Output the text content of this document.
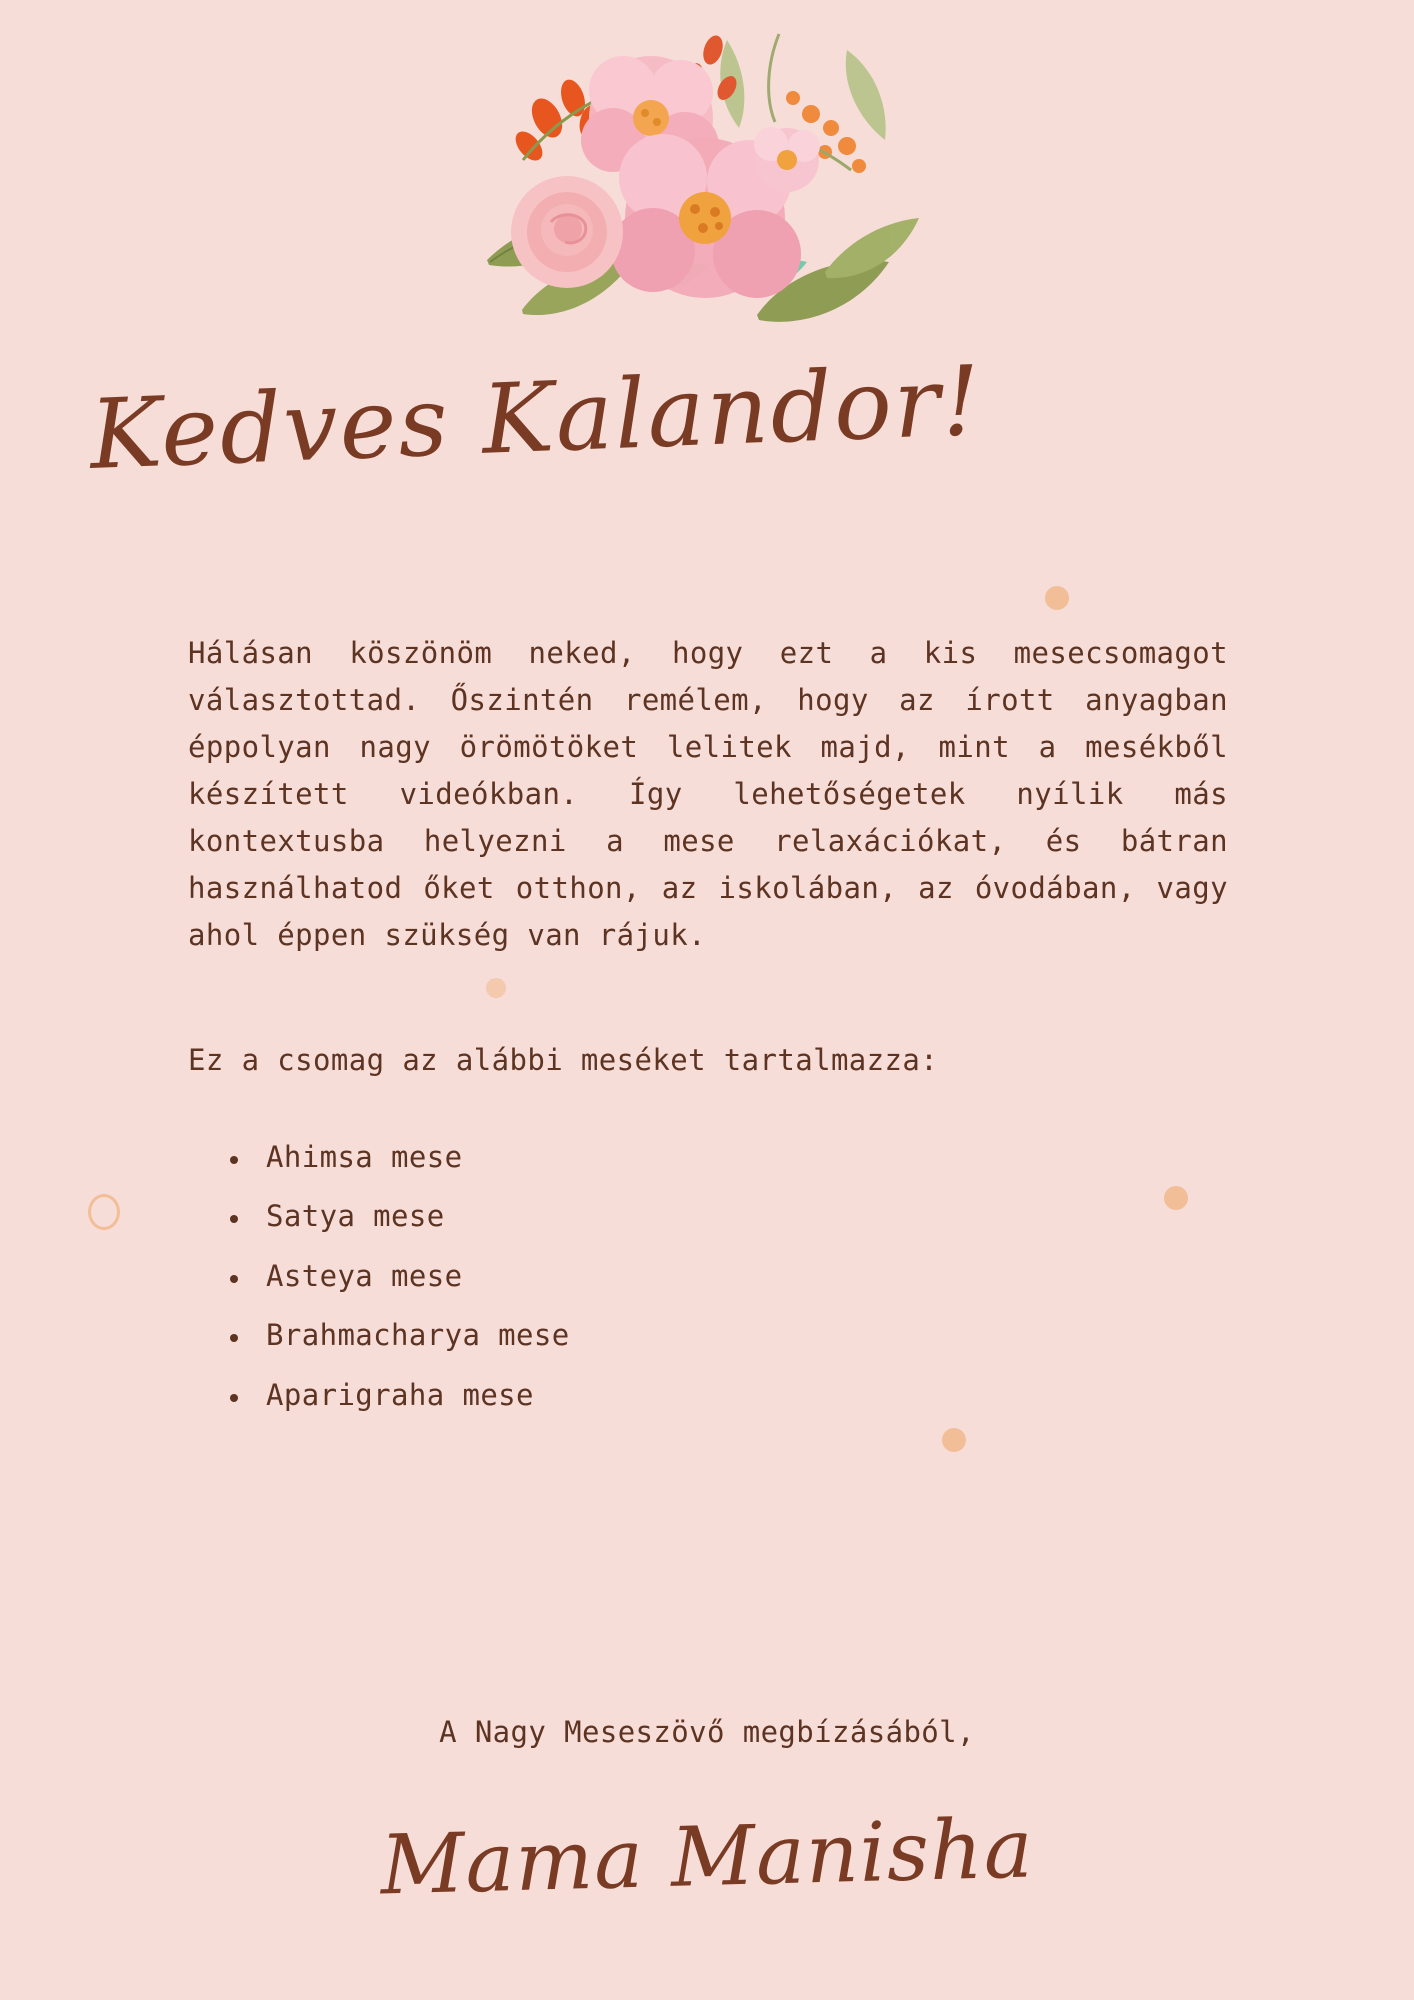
Kedves Kalandor!

Hálásan köszönöm neked, hogy ezt a kis mesecsomagot választottad. Őszintén remélem, hogy az írott anyagban éppolyan nagy örömötöket lelitek majd, mint a mesékből készített videókban. Így lehetőségetek nyílik más kontextusba helyezni a mese relaxációkat, és bátran használhatod őket otthon, az iskolában, az óvodában, vagy ahol éppen szükség van rájuk.

Ez a csomag az alábbi meséket tartalmazza:

• Ahimsa mese
• Satya mese
• Asteya mese
• Brahmacharya mese
• Aparigraha mese
A Nagy Meseszövő megbízásából,
Mama Manisha
